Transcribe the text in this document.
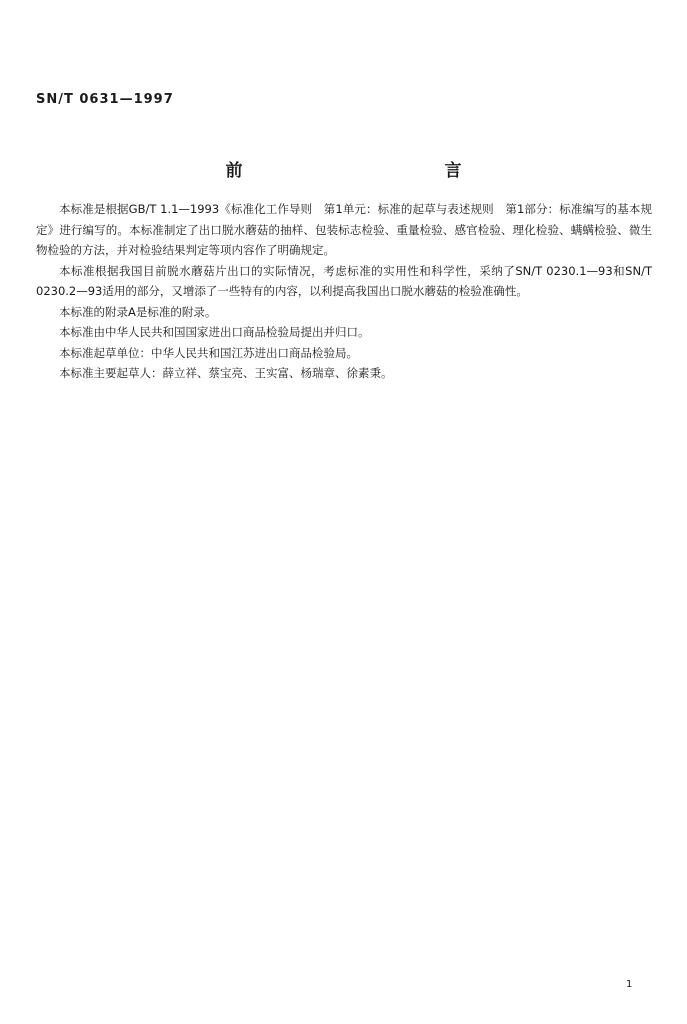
SN/T 0631—1997
前　　言

本标准是根据GB/T 1.1—1993《标准化工作导则　第1单元：标准的起草与表述规则　第1部分：标准编写的基本规定》进行编写的。本标准制定了出口脱水蘑菇的抽样、包装标志检验、重量检验、感官检验、理化检验、螨螨检验、微生物检验的方法，并对检验结果判定等项内容作了明确规定。

本标准根据我国目前脱水蘑菇片出口的实际情况，考虑标准的实用性和科学性，采纳了SN/T 0230.1—93和SN/T 0230.2—93适用的部分，又增添了一些特有的内容，以利提高我国出口脱水蘑菇的检验准确性。

本标准的附录A是标准的附录。

本标准由中华人民共和国国家进出口商品检验局提出并归口。

本标准起草单位：中华人民共和国江苏进出口商品检验局。

本标准主要起草人：薛立祥、蔡宝亮、王实富、杨瑞章、徐素秉。

1
